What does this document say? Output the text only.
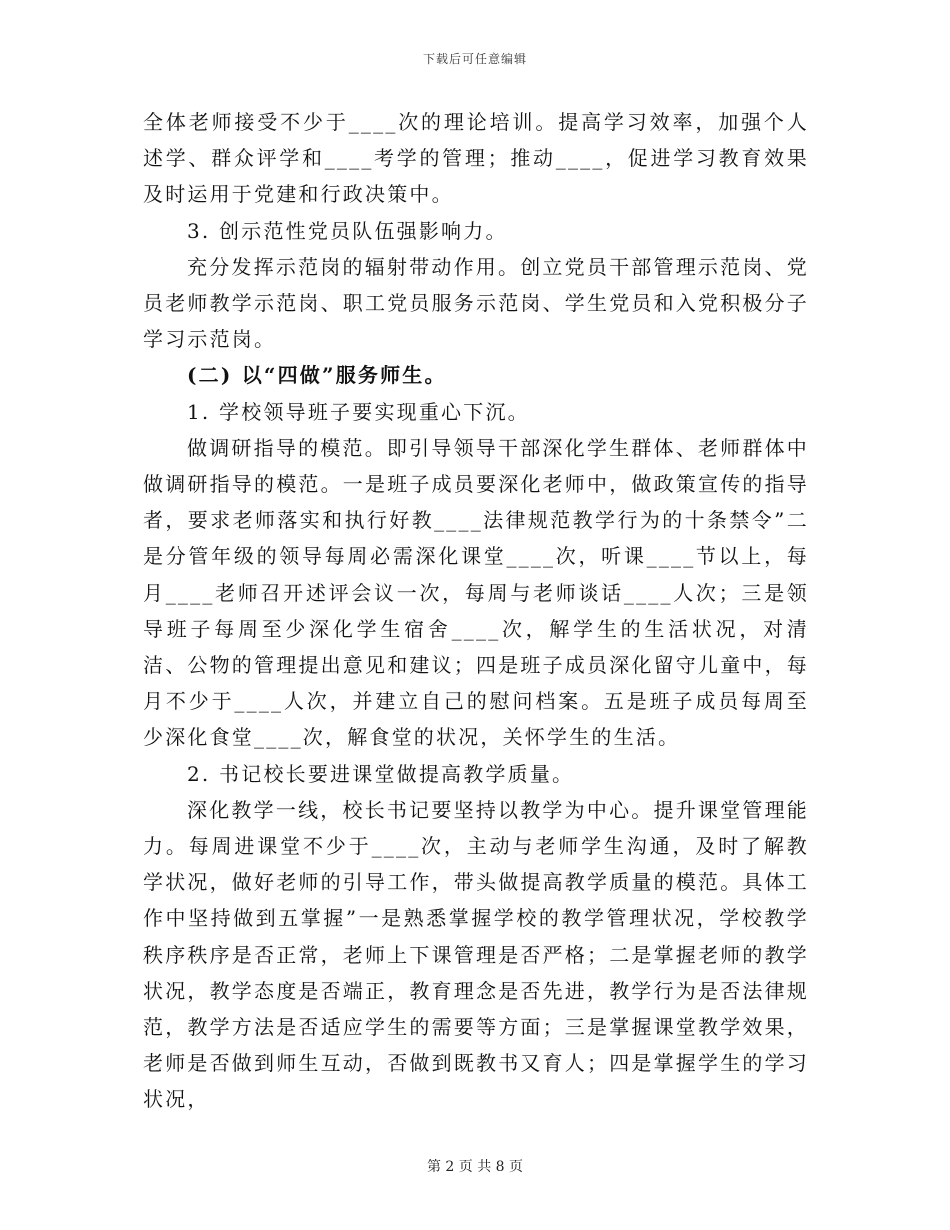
下载后可任意编辑

全体老师接受不少于____次的理论培训。提高学习效率，加强个人述学、群众评学和____考学的管理；推动____，促进学习教育效果及时运用于党建和行政决策中。

3. 创示范性党员队伍强影响力。

充分发挥示范岗的辐射带动作用。创立党员干部管理示范岗、党员老师教学示范岗、职工党员服务示范岗、学生党员和入党积极分子学习示范岗。

(二) 以“四做”服务师生。

1. 学校领导班子要实现重心下沉。

做调研指导的模范。即引导领导干部深化学生群体、老师群体中做调研指导的模范。一是班子成员要深化老师中，做政策宣传的指导者，要求老师落实和执行好教____法律规范教学行为的十条禁令”二是分管年级的领导每周必需深化课堂____次，听课____节以上，每月____老师召开述评会议一次，每周与老师谈话____人次；三是领导班子每周至少深化学生宿舍____次，解学生的生活状况，对清洁、公物的管理提出意见和建议；四是班子成员深化留守儿童中，每月不少于____人次，并建立自己的慰问档案。五是班子成员每周至少深化食堂____次，解食堂的状况，关怀学生的生活。

2. 书记校长要进课堂做提高教学质量。

深化教学一线，校长书记要坚持以教学为中心。提升课堂管理能力。每周进课堂不少于____次，主动与老师学生沟通，及时了解教学状况，做好老师的引导工作，带头做提高教学质量的模范。具体工作中坚持做到五掌握”一是熟悉掌握学校的教学管理状况，学校教学秩序秩序是否正常，老师上下课管理是否严格；二是掌握老师的教学状况，教学态度是否端正，教育理念是否先进，教学行为是否法律规范，教学方法是否适应学生的需要等方面；三是掌握课堂教学效果，老师是否做到师生互动，否做到既教书又育人；四是掌握学生的学习状况，

第 2 页 共 8 页
